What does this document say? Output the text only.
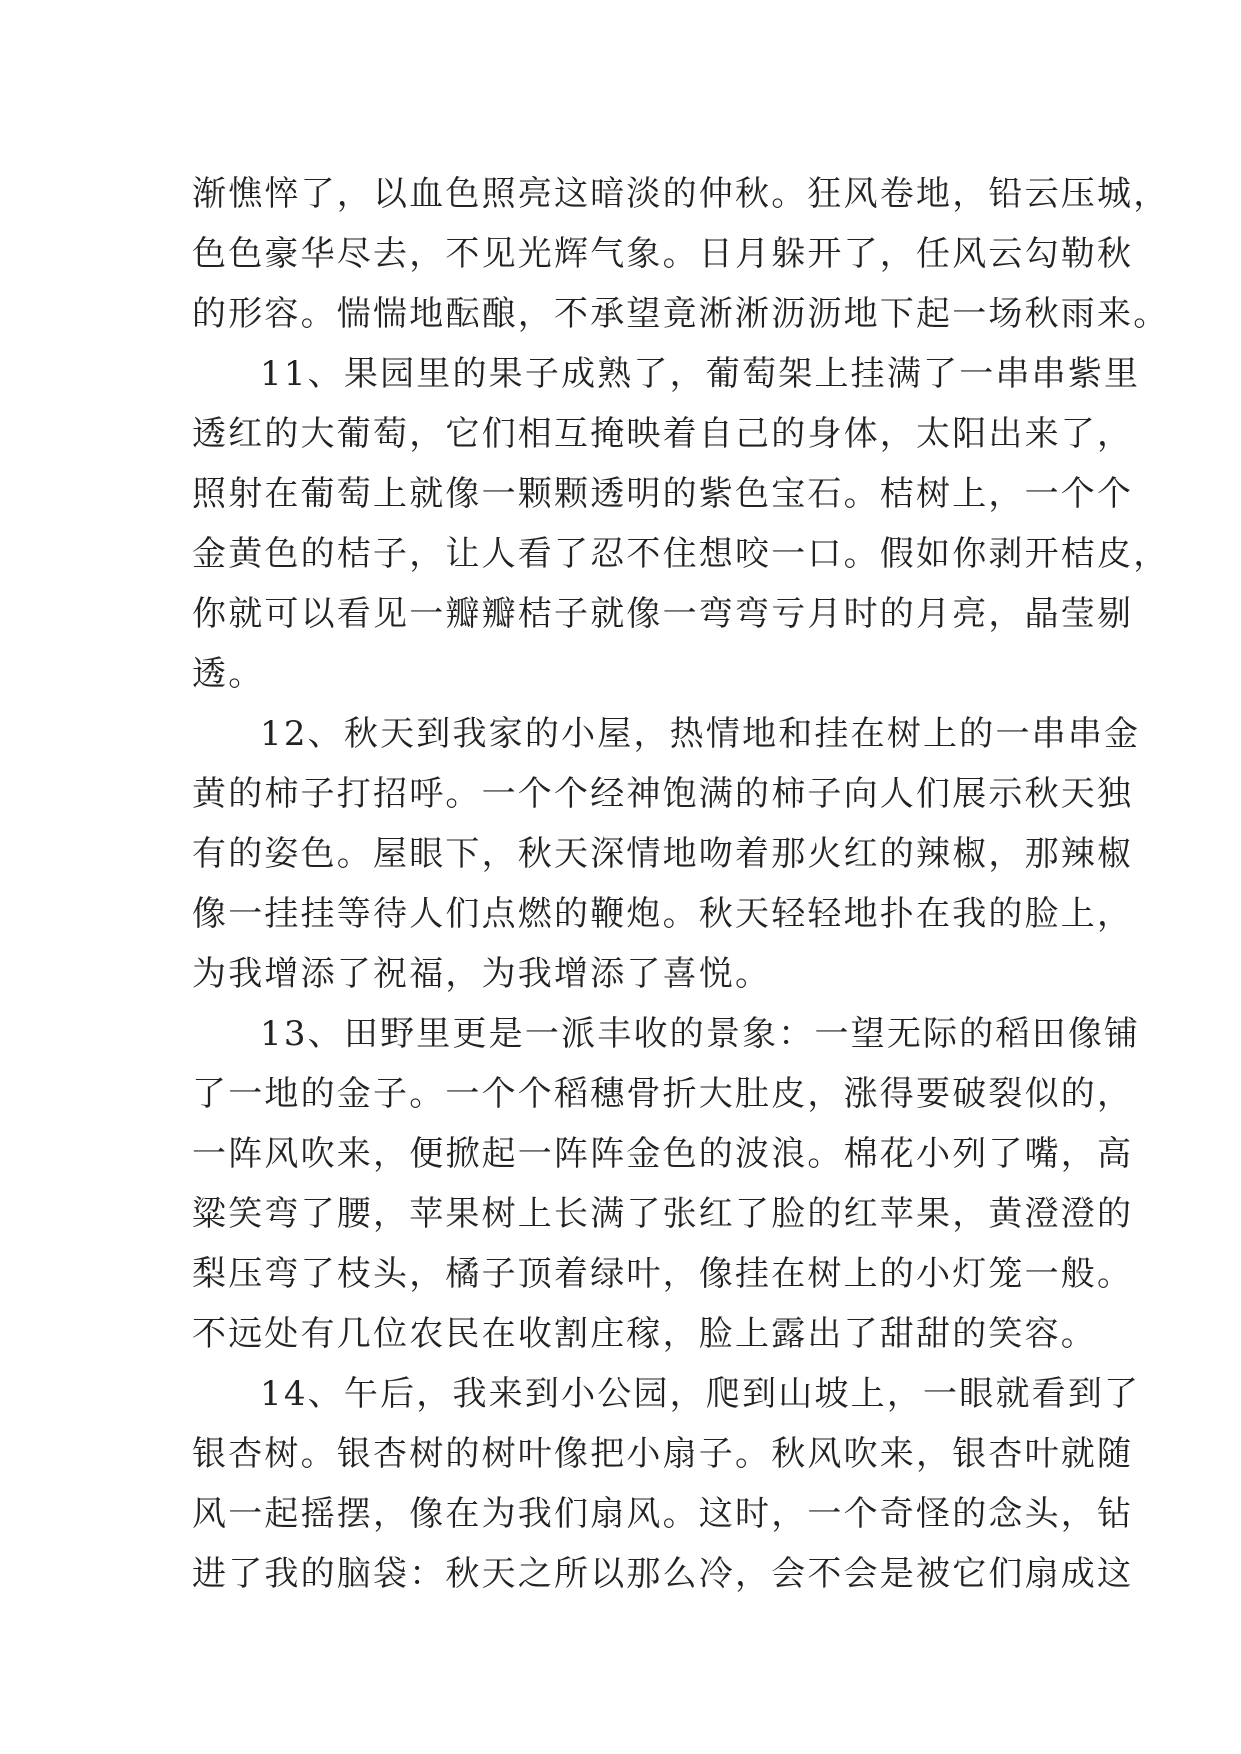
渐憔悴了，以血色照亮这暗淡的仲秋。狂风卷地，铅云压城，
色色豪华尽去，不见光辉气象。日月躲开了，任风云勾勒秋
的形容。惴惴地酝酿，不承望竟淅淅沥沥地下起一场秋雨来。
11、果园里的果子成熟了，葡萄架上挂满了一串串紫里
透红的大葡萄，它们相互掩映着自己的身体，太阳出来了，
照射在葡萄上就像一颗颗透明的紫色宝石。桔树上，一个个
金黄色的桔子，让人看了忍不住想咬一口。假如你剥开桔皮，
你就可以看见一瓣瓣桔子就像一弯弯亏月时的月亮，晶莹剔
透。
12、秋天到我家的小屋，热情地和挂在树上的一串串金
黄的柿子打招呼。一个个经神饱满的柿子向人们展示秋天独
有的姿色。屋眼下，秋天深情地吻着那火红的辣椒，那辣椒
像一挂挂等待人们点燃的鞭炮。秋天轻轻地扑在我的脸上，
为我增添了祝福，为我增添了喜悦。
13、田野里更是一派丰收的景象：一望无际的稻田像铺
了一地的金子。一个个稻穗骨折大肚皮，涨得要破裂似的，
一阵风吹来，便掀起一阵阵金色的波浪。棉花小列了嘴，高
粱笑弯了腰，苹果树上长满了张红了脸的红苹果，黄澄澄的
梨压弯了枝头，橘子顶着绿叶，像挂在树上的小灯笼一般。
不远处有几位农民在收割庄稼，脸上露出了甜甜的笑容。
14、午后，我来到小公园，爬到山坡上，一眼就看到了
银杏树。银杏树的树叶像把小扇子。秋风吹来，银杏叶就随
风一起摇摆，像在为我们扇风。这时，一个奇怪的念头，钻
进了我的脑袋：秋天之所以那么冷，会不会是被它们扇成这
